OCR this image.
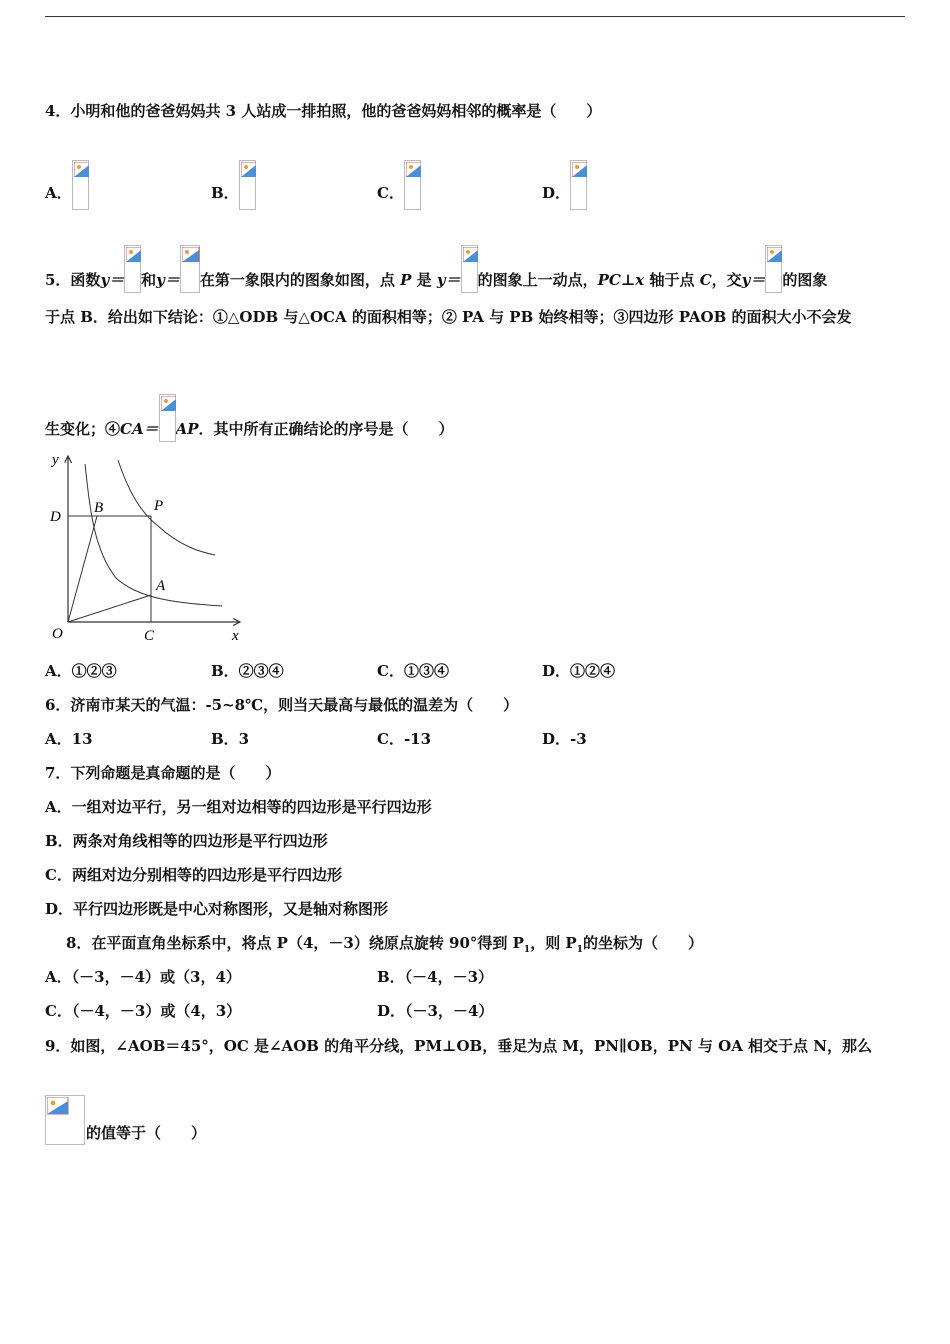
4．小明和他的爸爸妈妈共 3 人站成一排拍照，他的爸爸妈妈相邻的概率是（　　）
A．	B．	C．	D．
5．函数y＝ 和y＝ 在第一象限内的图象如图，点 P 是 y＝ 的图象上一动点，PC⊥x 轴于点 C，交y＝ 的图象
于点 B．给出如下结论：①△ODB 与△OCA 的面积相等；② PA 与 PB 始终相等；③四边形 PAOB 的面积大小不会发
生变化；④CA＝ AP．其中所有正确结论的序号是（　　）
y
x
O
D
B	P
A
C
A．①②③	B．②③④	C．①③④	D．①②④
6．济南市某天的气温：-5~8℃，则当天最高与最低的温差为（　　）
A．13	B．3	C．-13	D．-3
7．下列命题是真命题的是（　　）
A．一组对边平行，另一组对边相等的四边形是平行四边形
B．两条对角线相等的四边形是平行四边形
C．两组对边分别相等的四边形是平行四边形
D．平行四边形既是中心对称图形，又是轴对称图形
8．在平面直角坐标系中，将点 P（4，－3）绕原点旋转 90°得到 $P_1$，则 $P_1$的坐标为（　　）
A．（－3，－4）或（3，4）	B．（－4，－3）
C．（－4，－3）或（4，3）	D．（－3，－4）
9．如图，∠AOB＝45°，OC 是∠AOB 的角平分线，PM⊥OB，垂足为点 M，PN∥OB，PN 与 OA 相交于点 N，那么
的值等于（　　）
